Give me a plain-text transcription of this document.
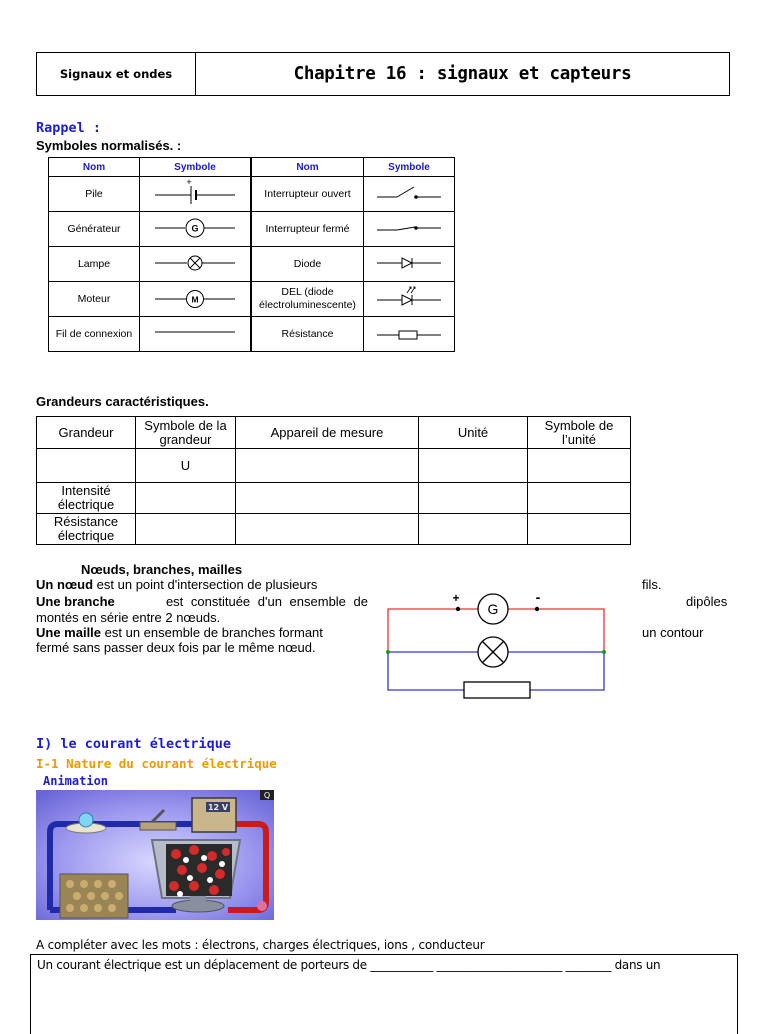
Signaux et ondes	Chapitre 16 : signaux et capteurs
Rappel :
Symboles normalisés. :
Nom	Symbole	Nom	Symbole
Pile	+	Interrupteur ouvert	
Générateur	G	Interrupteur fermé	
Lampe		Diode	
Moteur	M	DEL (diode électroluminescente)	
Fil de connexion		Résistance	
Grandeurs caractéristiques.
Grandeur	Symbole de la grandeur	Appareil de mesure	Unité	Symbole de l’unité
	U			
Intensité électrique				
Résistance électrique				
Nœuds, branches, mailles
Un nœud est un point d'intersection de plusieurs	fils.
Une branche	est constituée d'un ensemble de	dipôles
montés en série entre 2 nœuds.
Une maille est un ensemble de branches formant	un contour
fermé sans passer deux fois par le même nœud.
G
+	-
I) le courant électrique
I-1 Nature du courant électrique
Animation
12 V
Q
A compléter avec les mots : électrons, charges électriques, ions , conducteur
Un courant électrique est un déplacement de porteurs de ___________ ______________________ ________ dans un
